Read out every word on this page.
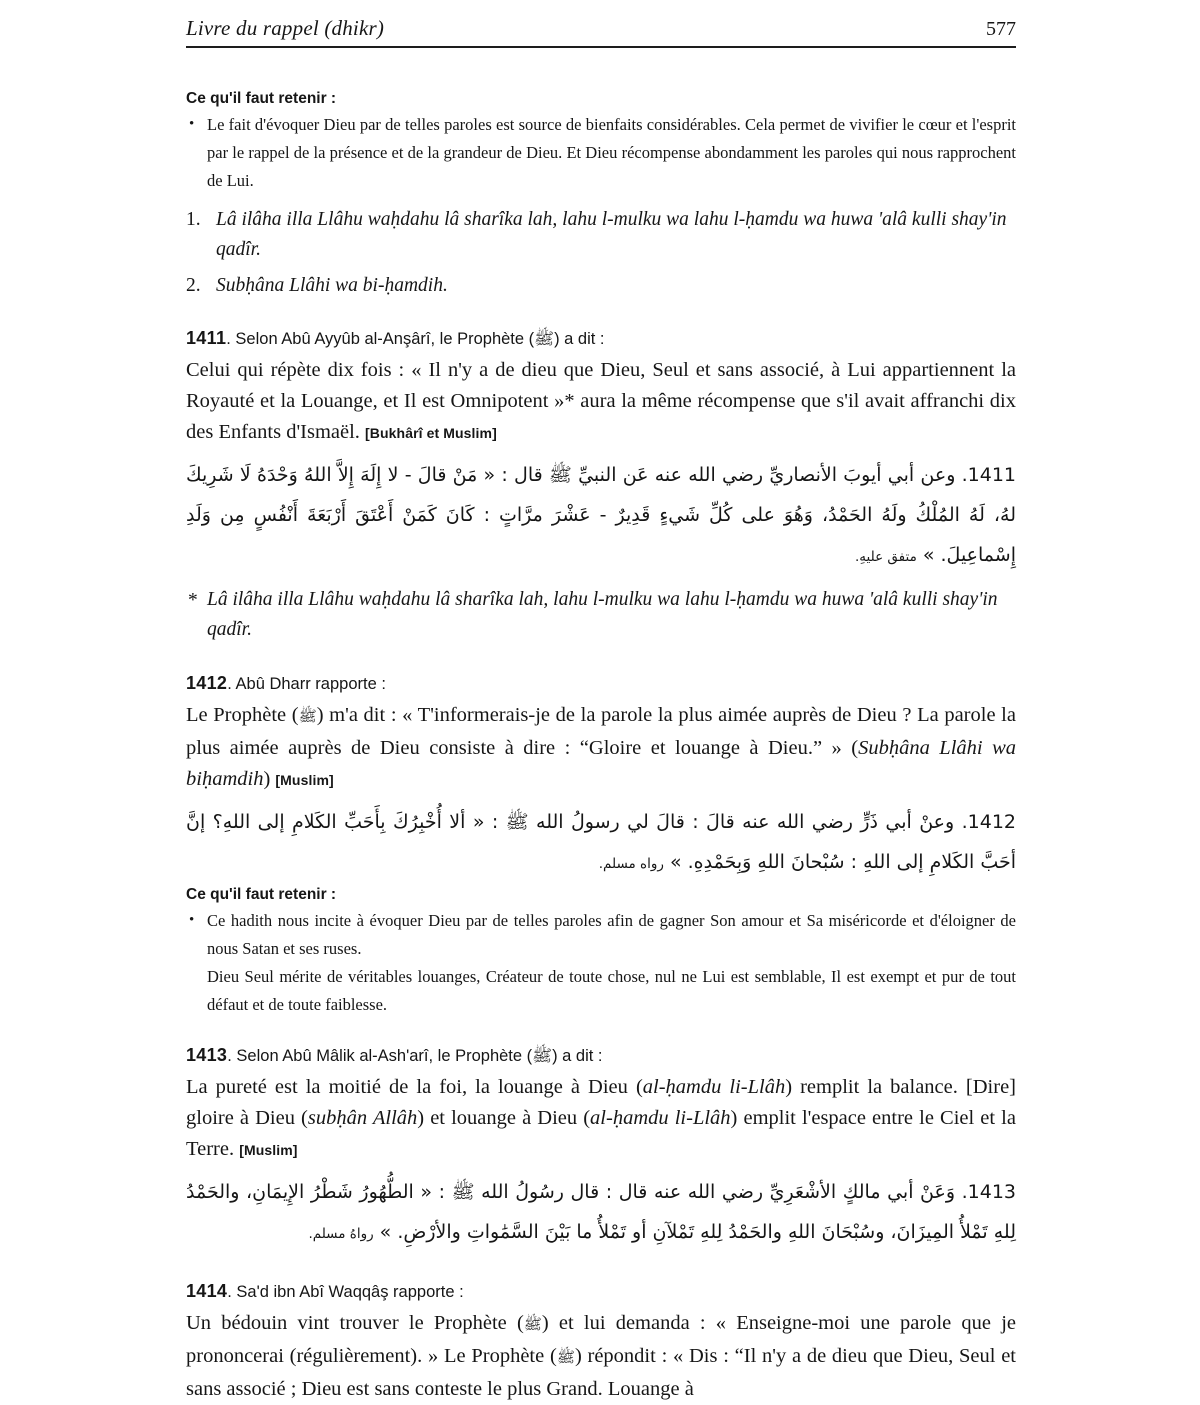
Livre du rappel (dhikr)	577
Ce qu'il faut retenir :
• Le fait d'évoquer Dieu par de telles paroles est source de bienfaits considérables. Cela permet de vivifier le cœur et l'esprit par le rappel de la présence et de la grandeur de Dieu. Et Dieu récompense abondamment les paroles qui nous rapprochent de Lui.
1. Lâ ilâha illa Llâhu waḥdahu lâ sharîka lah, lahu l-mulku wa lahu l-ḥamdu wa huwa 'alâ kulli shay'in qadîr.
2. Subḥâna Llâhi wa bi-ḥamdih.
1411. Selon Abû Ayyûb al-Anşârî, le Prophète (ﷺ) a dit :

Celui qui répète dix fois : « Il n'y a de dieu que Dieu, Seul et sans associé, à Lui appartiennent la Royauté et la Louange, et Il est Omnipotent »* aura la même récompense que s'il avait affranchi dix des Enfants d'Ismaël. [Bukhârî et Muslim]

1411. وعن أبي أيوبَ الأنصاريِّ رضي الله عنه عَن النبيِّ ﷺ قال : « مَنْ قالَ - لا إِلَهَ إِلاَّ اللهُ وَحْدَهُ لَا شَرِيكَ لهُ، لَهُ المُلْكُ ولَهُ الحَمْدُ، وَهُوَ على كُلِّ شَيءٍ قَدِيرٌ - عَشْرَ مرَّاتٍ : كَانَ كَمَنْ أَعْتَقَ أَرْبَعَةَ أَنْفُسٍ مِن وَلَدِ إِسْماعِيلَ. » متفق عليهِ.

* Lâ ilâha illa Llâhu waḥdahu lâ sharîka lah, lahu l-mulku wa lahu l-ḥamdu wa huwa 'alâ kulli shay'in qadîr.
1412. Abû Dharr rapporte :

Le Prophète (ﷺ) m'a dit : « T'informerais-je de la parole la plus aimée auprès de Dieu ? La parole la plus aimée auprès de Dieu consiste à dire : “Gloire et louange à Dieu.” » (Subḥâna Llâhi wa biḥamdih) [Muslim]

1412. وعنْ أبي ذَرٍّ رضي الله عنه قالَ : قالَ لي رسولُ الله ﷺ : « ألا أُخْبِرُكَ بِأَحَبِّ الكَلامِ إلى اللهِ؟ إنَّ أحَبَّ الكَلامِ إلى اللهِ : سُبْحانَ اللهِ وَبِحَمْدِهِ. » رواه مسلم.

Ce qu'il faut retenir :
• Ce hadith nous incite à évoquer Dieu par de telles paroles afin de gagner Son amour et Sa miséricorde et d'éloigner de nous Satan et ses ruses.
Dieu Seul mérite de véritables louanges, Créateur de toute chose, nul ne Lui est semblable, Il est exempt et pur de tout défaut et de toute faiblesse.
1413. Selon Abû Mâlik al-Ash'arî, le Prophète (ﷺ) a dit :

La pureté est la moitié de la foi, la louange à Dieu (al-ḥamdu li-Llâh) remplit la balance. [Dire] gloire à Dieu (subḥân Allâh) et louange à Dieu (al-ḥamdu li-Llâh) emplit l'espace entre le Ciel et la Terre. [Muslim]

1413. وَعَنْ أبي مالكٍ الأشْعَرِيِّ رضي الله عنه قال : قال رسُولُ الله ﷺ : « الطُّهُورُ شَطْرُ الإِيمَانِ، والحَمْدُ لِلهِ تَمْلأُ المِيزَانَ، وسُبْحَانَ اللهِ والحَمْدُ لِلهِ تَمْلآنِ أو تَمْلأُ ما بَيْنَ السَّمَٰواتِ والأرْضِ. » رواهُ مسلم.

1414. Sa'd ibn Abî Waqqâş rapporte :

Un bédouin vint trouver le Prophète (ﷺ) et lui demanda : « Enseigne-moi une parole que je prononcerai (régulièrement). » Le Prophète (ﷺ) répondit : « Dis : “Il n'y a de dieu que Dieu, Seul et sans associé ; Dieu est sans conteste le plus Grand. Louange à
